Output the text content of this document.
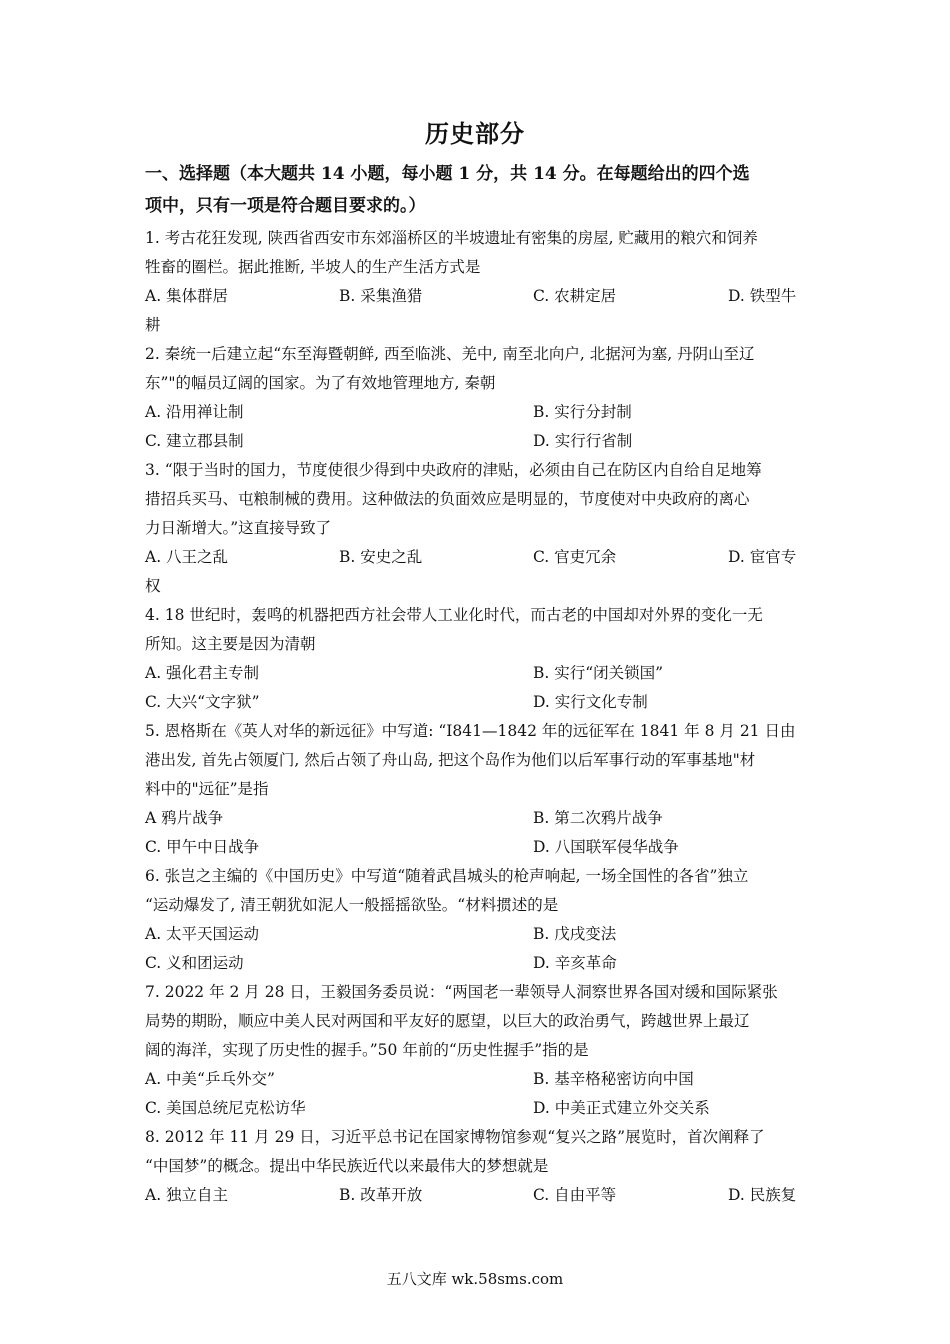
历史部分
一、选择题（本大题共 14 小题，每小题 1 分，共 14 分。在每题给出的四个选
项中，只有一项是符合题目要求的。）
1. 考古花狂发现, 陕西省西安市东郊淄桥区的半坡遗址有密集的房屋, 贮藏用的粮穴和饲养
牲畜的圈栏。据此推断, 半坡人的生产生活方式是
A. 集体群居	B. 采集渔猎	C. 农耕定居	D. 铁型牛
耕
2. 秦统一后建立起“东至海暨朝鲜, 西至临洮、羌中, 南至北向户, 北据河为塞, 丹阴山至辽
东”"的幅员辽阔的国家。为了有效地管理地方, 秦朝
A. 沿用禅让制	B. 实行分封制
C. 建立郡县制	D. 实行行省制
3. “限于当时的国力，节度使很少得到中央政府的津贴，必须由自己在防区内自给自足地筹
措招兵买马、屯粮制械的费用。这种做法的负面效应是明显的，节度使对中央政府的离心
力日渐增大。”这直接导致了
A. 八王之乱	B. 安史之乱	C. 官吏冗余	D. 宦官专
权
4. 18 世纪时，轰鸣的机器把西方社会带人工业化时代，而古老的中国却对外界的变化一无
所知。这主要是因为清朝
A. 强化君主专制	B. 实行“闭关锁国”
C. 大兴“文字狱”	D. 实行文化专制
5. 恩格斯在《英人对华的新远征》中写道: “I841—1842 年的远征军在 1841 年 8 月 21 日由
港出发, 首先占领厦门, 然后占领了舟山岛, 把这个岛作为他们以后军事行动的军事基地"材
料中的"远征”是指
A 鸦片战争	B. 第二次鸦片战争
C. 甲午中日战争	D. 八国联军侵华战争
6. 张岂之主编的《中国历史》中写道“随着武昌城头的枪声响起, 一场全国性的各省”独立
“运动爆发了, 清王朝犹如泥人一般摇摇欲坠。“材料掼述的是
A. 太平天国运动	B. 戊戌变法
C. 义和团运动	D. 辛亥革命
7. 2022 年 2 月 28 日，王毅国务委员说：“两国老一辈领导人洞察世界各国对缓和国际紧张
局势的期盼，顺应中美人民对两国和平友好的愿望，以巨大的政治勇气，跨越世界上最辽
阔的海洋，实现了历史性的握手。”50 年前的“历史性握手”指的是
A. 中美“乒乓外交”	B. 基辛格秘密访向中国
C. 美国总统尼克松访华	D. 中美正式建立外交关系
8. 2012 年 11 月 29 日，习近平总书记在国家博物馆参观“复兴之路”展览时，首次阐释了
“中国梦”的概念。提出中华民族近代以来最伟大的梦想就是
A. 独立自主	B. 改革开放	C. 自由平等	D. 民族复
五八文库 wk.58sms.com
